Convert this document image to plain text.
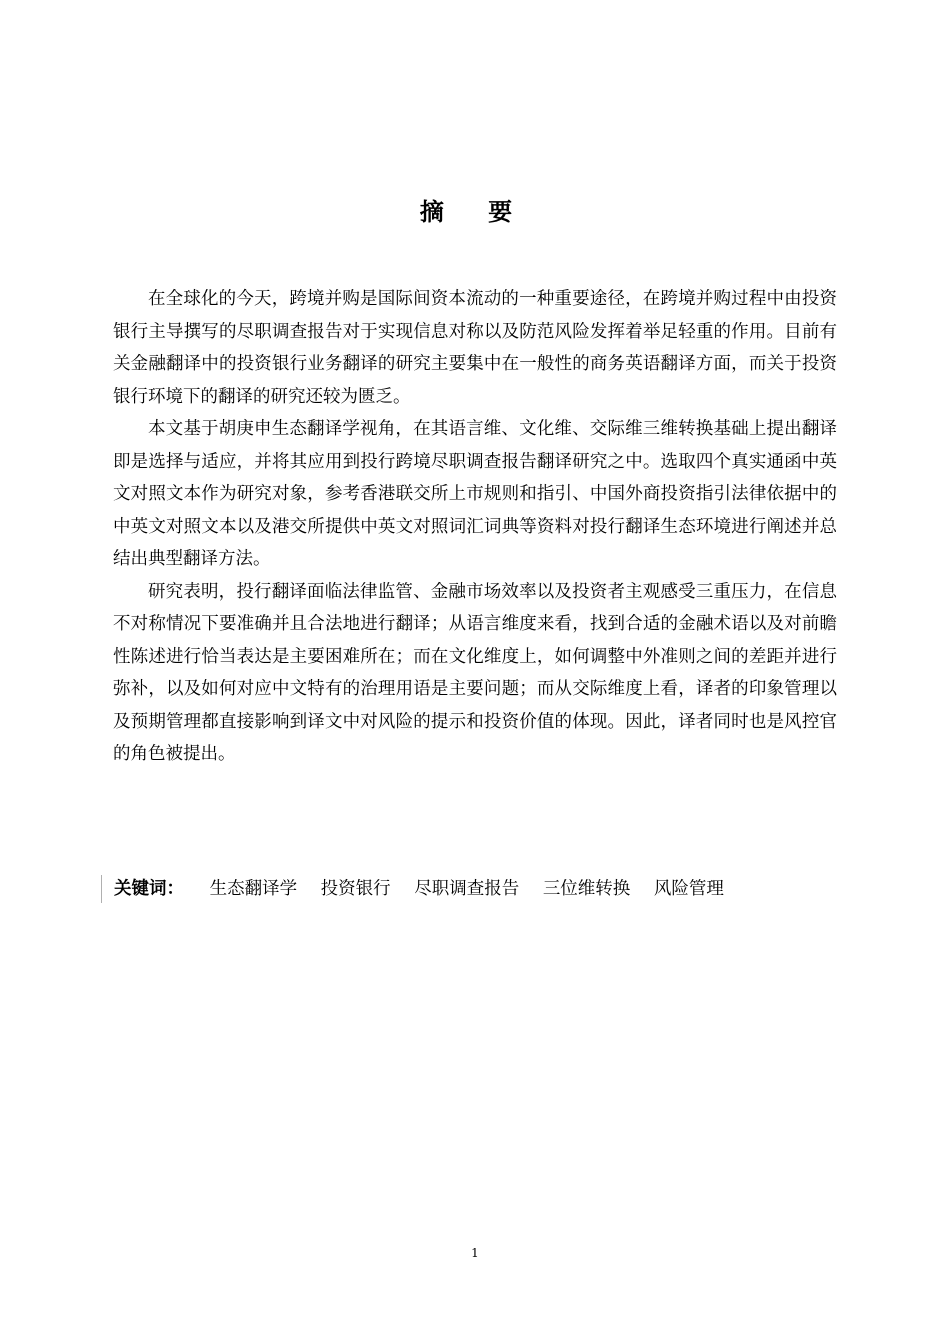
摘 要

在全球化的今天，跨境并购是国际间资本流动的一种重要途径，在跨境并购过程中由投资银行主导撰写的尽职调查报告对于实现信息对称以及防范风险发挥着举足轻重的作用。目前有关金融翻译中的投资银行业务翻译的研究主要集中在一般性的商务英语翻译方面，而关于投资银行环境下的翻译的研究还较为匮乏。

本文基于胡庚申生态翻译学视角，在其语言维、文化维、交际维三维转换基础上提出翻译即是选择与适应，并将其应用到投行跨境尽职调查报告翻译研究之中。选取四个真实通函中英文对照文本作为研究对象，参考香港联交所上市规则和指引、中国外商投资指引法律依据中的中英文对照文本以及港交所提供中英文对照词汇词典等资料对投行翻译生态环境进行阐述并总结出典型翻译方法。

研究表明，投行翻译面临法律监管、金融市场效率以及投资者主观感受三重压力，在信息不对称情况下要准确并且合法地进行翻译；从语言维度来看，找到合适的金融术语以及对前瞻性陈述进行恰当表达是主要困难所在；而在文化维度上，如何调整中外准则之间的差距并进行弥补，以及如何对应中文特有的治理用语是主要问题；而从交际维度上看，译者的印象管理以及预期管理都直接影响到译文中对风险的提示和投资价值的体现。因此，译者同时也是风控官的角色被提出。

关键词： 生态翻译学 投资银行 尽职调查报告 三位维转换 风险管理
1
